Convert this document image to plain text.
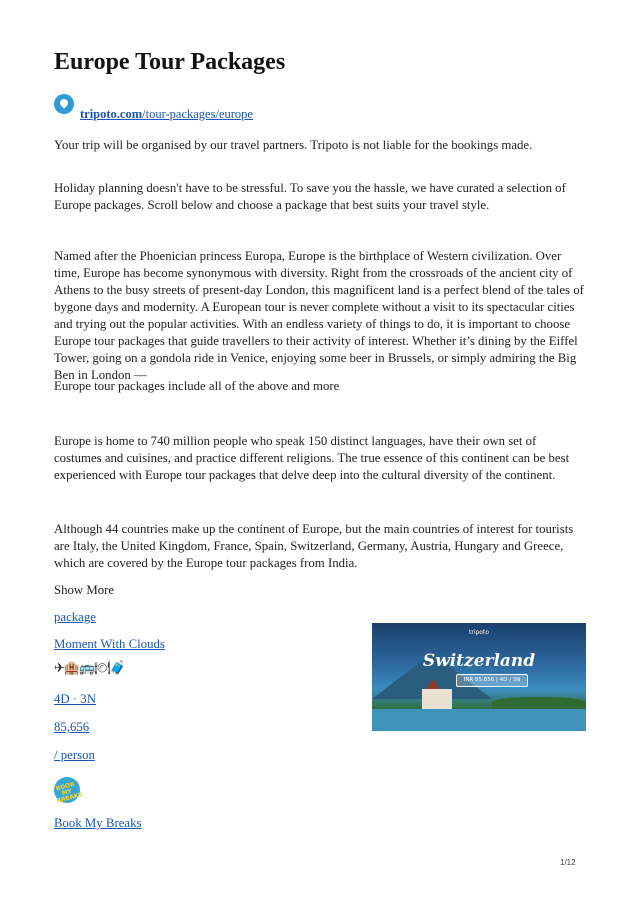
Europe Tour Packages
tripoto.com/tour-packages/europe

Your trip will be organised by our travel partners. Tripoto is not liable for the bookings made.

Holiday planning doesn't have to be stressful. To save you the hassle, we have curated a selection of Europe packages. Scroll below and choose a package that best suits your travel style.

Named after the Phoenician princess Europa, Europe is the birthplace of Western civilization. Over time, Europe has become synonymous with diversity. Right from the crossroads of the ancient city of Athens to the busy streets of present-day London, this magnificent land is a perfect blend of the tales of bygone days and modernity. A European tour is never complete without a visit to its spectacular cities and trying out the popular activities. With an endless variety of things to do, it is important to choose Europe tour packages that guide travellers to their activity of interest. Whether it’s dining by the Eiffel Tower, going on a gondola ride in Venice, enjoying some beer in Brussels, or simply admiring the Big Ben in London ––

Europe tour packages include all of the above and more

Europe is home to 740 million people who speak 150 distinct languages, have their own set of costumes and cuisines, and practice different religions. The true essence of this continent can be best experienced with Europe tour packages that delve deep into the cultural diversity of the continent.

Although 44 countries make up the continent of Europe, but the main countries of interest for tourists are Italy, the United Kingdom, France, Spain, Switzerland, Germany, Austria, Hungary and Greece, which are covered by the Europe tour packages from India.

Show More

package
Moment With Clouds
✈🏨🚌🍽🧳
4D · 3N
85,656
/ person
BOOK MY BREAKS
Book My Breaks
tripoto
Switzerland
INR 85,656 | 4D / 3N
1/12
